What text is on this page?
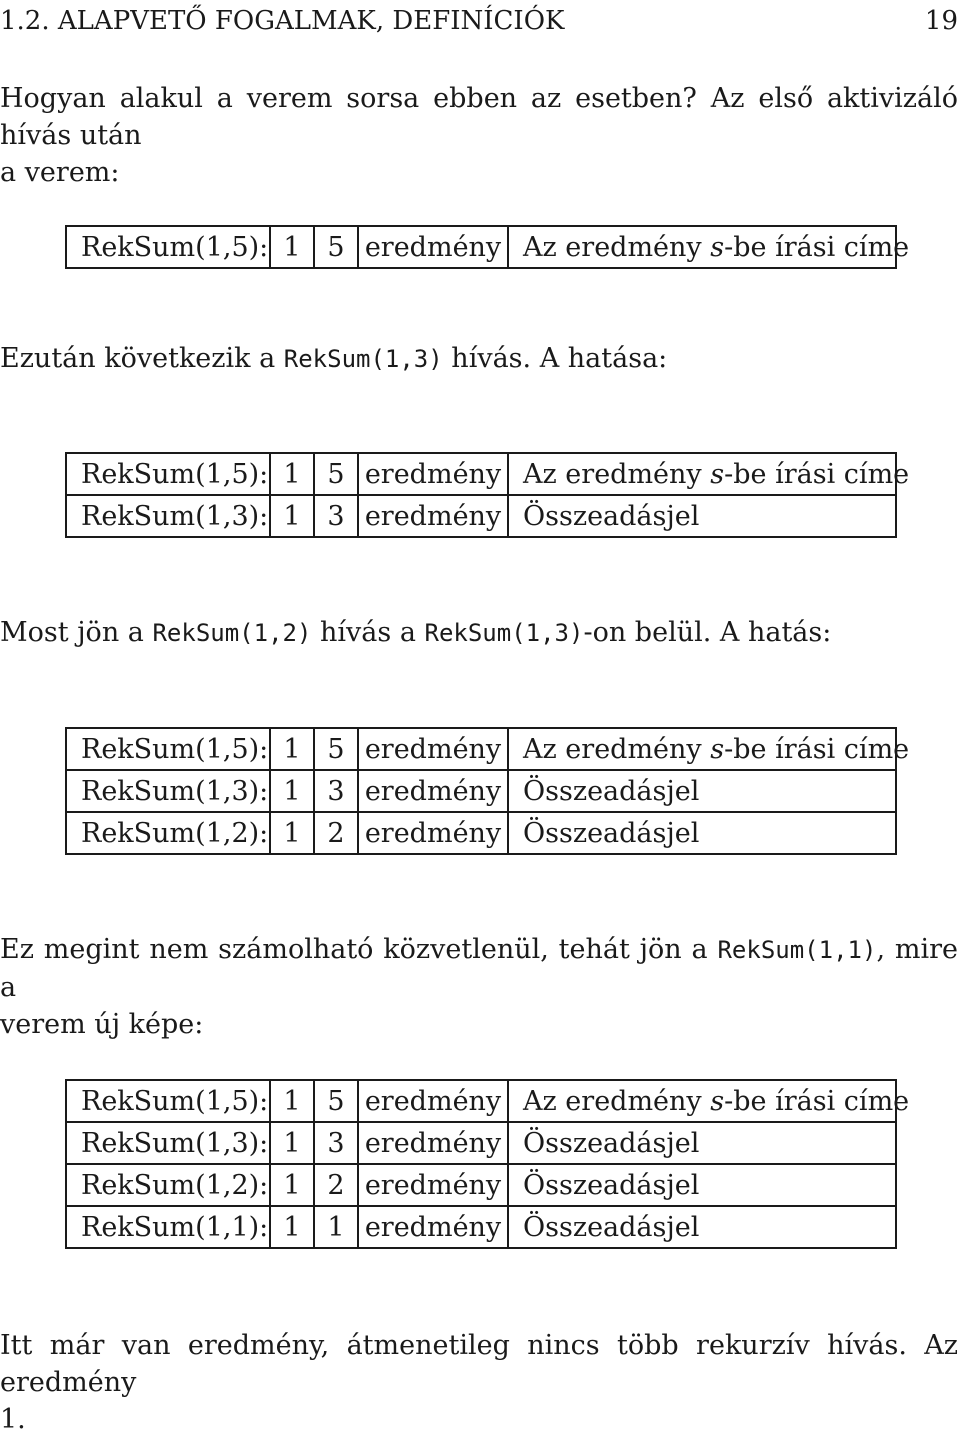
1.2. ALAPVETŐ FOGALMAK, DEFINÍCIÓK	19
Hogyan alakul a verem sorsa ebben az esetben? Az első aktivizáló hívás után
a verem:
RekSum(1,5):	1	5	eredmény	Az eredmény s-be írási címe
Ezután következik a RekSum(1,3) hívás. A hatása:
RekSum(1,5):	1	5	eredmény	Az eredmény s-be írási címe
RekSum(1,3):	1	3	eredmény	Összeadásjel
Most jön a RekSum(1,2) hívás a RekSum(1,3)-on belül. A hatás:
RekSum(1,5):	1	5	eredmény	Az eredmény s-be írási címe
RekSum(1,3):	1	3	eredmény	Összeadásjel
RekSum(1,2):	1	2	eredmény	Összeadásjel
Ez megint nem számolható közvetlenül, tehát jön a RekSum(1,1), mire a
verem új képe:
RekSum(1,5):	1	5	eredmény	Az eredmény s-be írási címe
RekSum(1,3):	1	3	eredmény	Összeadásjel
RekSum(1,2):	1	2	eredmény	Összeadásjel
RekSum(1,1):	1	1	eredmény	Összeadásjel
Itt már van eredmény, átmenetileg nincs több rekurzív hívás. Az eredmény
1.
